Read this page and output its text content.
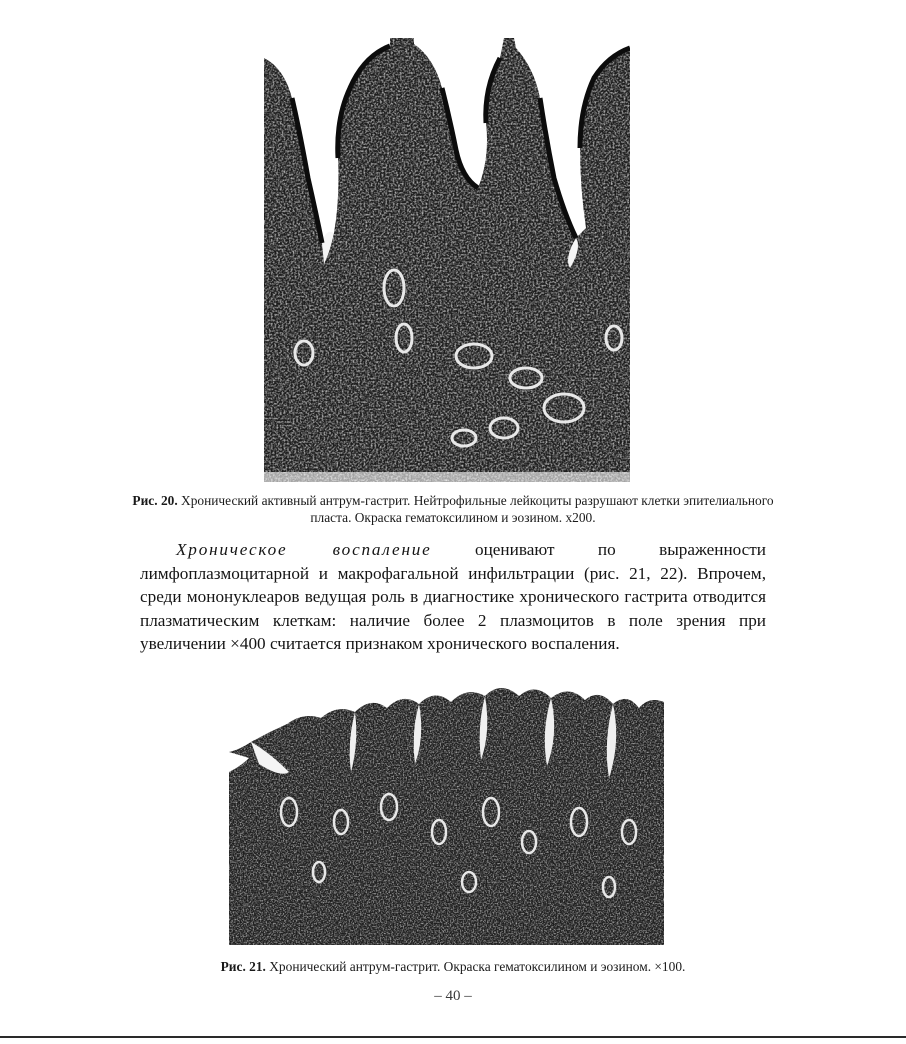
Рис. 20. Хронический активный антрум-гастрит. Нейтрофильные лейкоциты разрушают клетки эпителиального пласта. Окраска гематоксилином и эозином. х200.
Хроническое воспаление оценивают по выраженности лимфоплазмоцитарной и макрофагальной инфильтрации (рис. 21, 22). Впрочем, среди мононуклеаров ведущая роль в диагностике хронического гастрита отводится плазматическим клеткам: наличие более 2 плазмоцитов в поле зрения при увеличении ×400 считается признаком хронического воспаления.
Рис. 21. Хронический антрум-гастрит. Окраска гематоксилином и эозином. ×100.
– 40 –
